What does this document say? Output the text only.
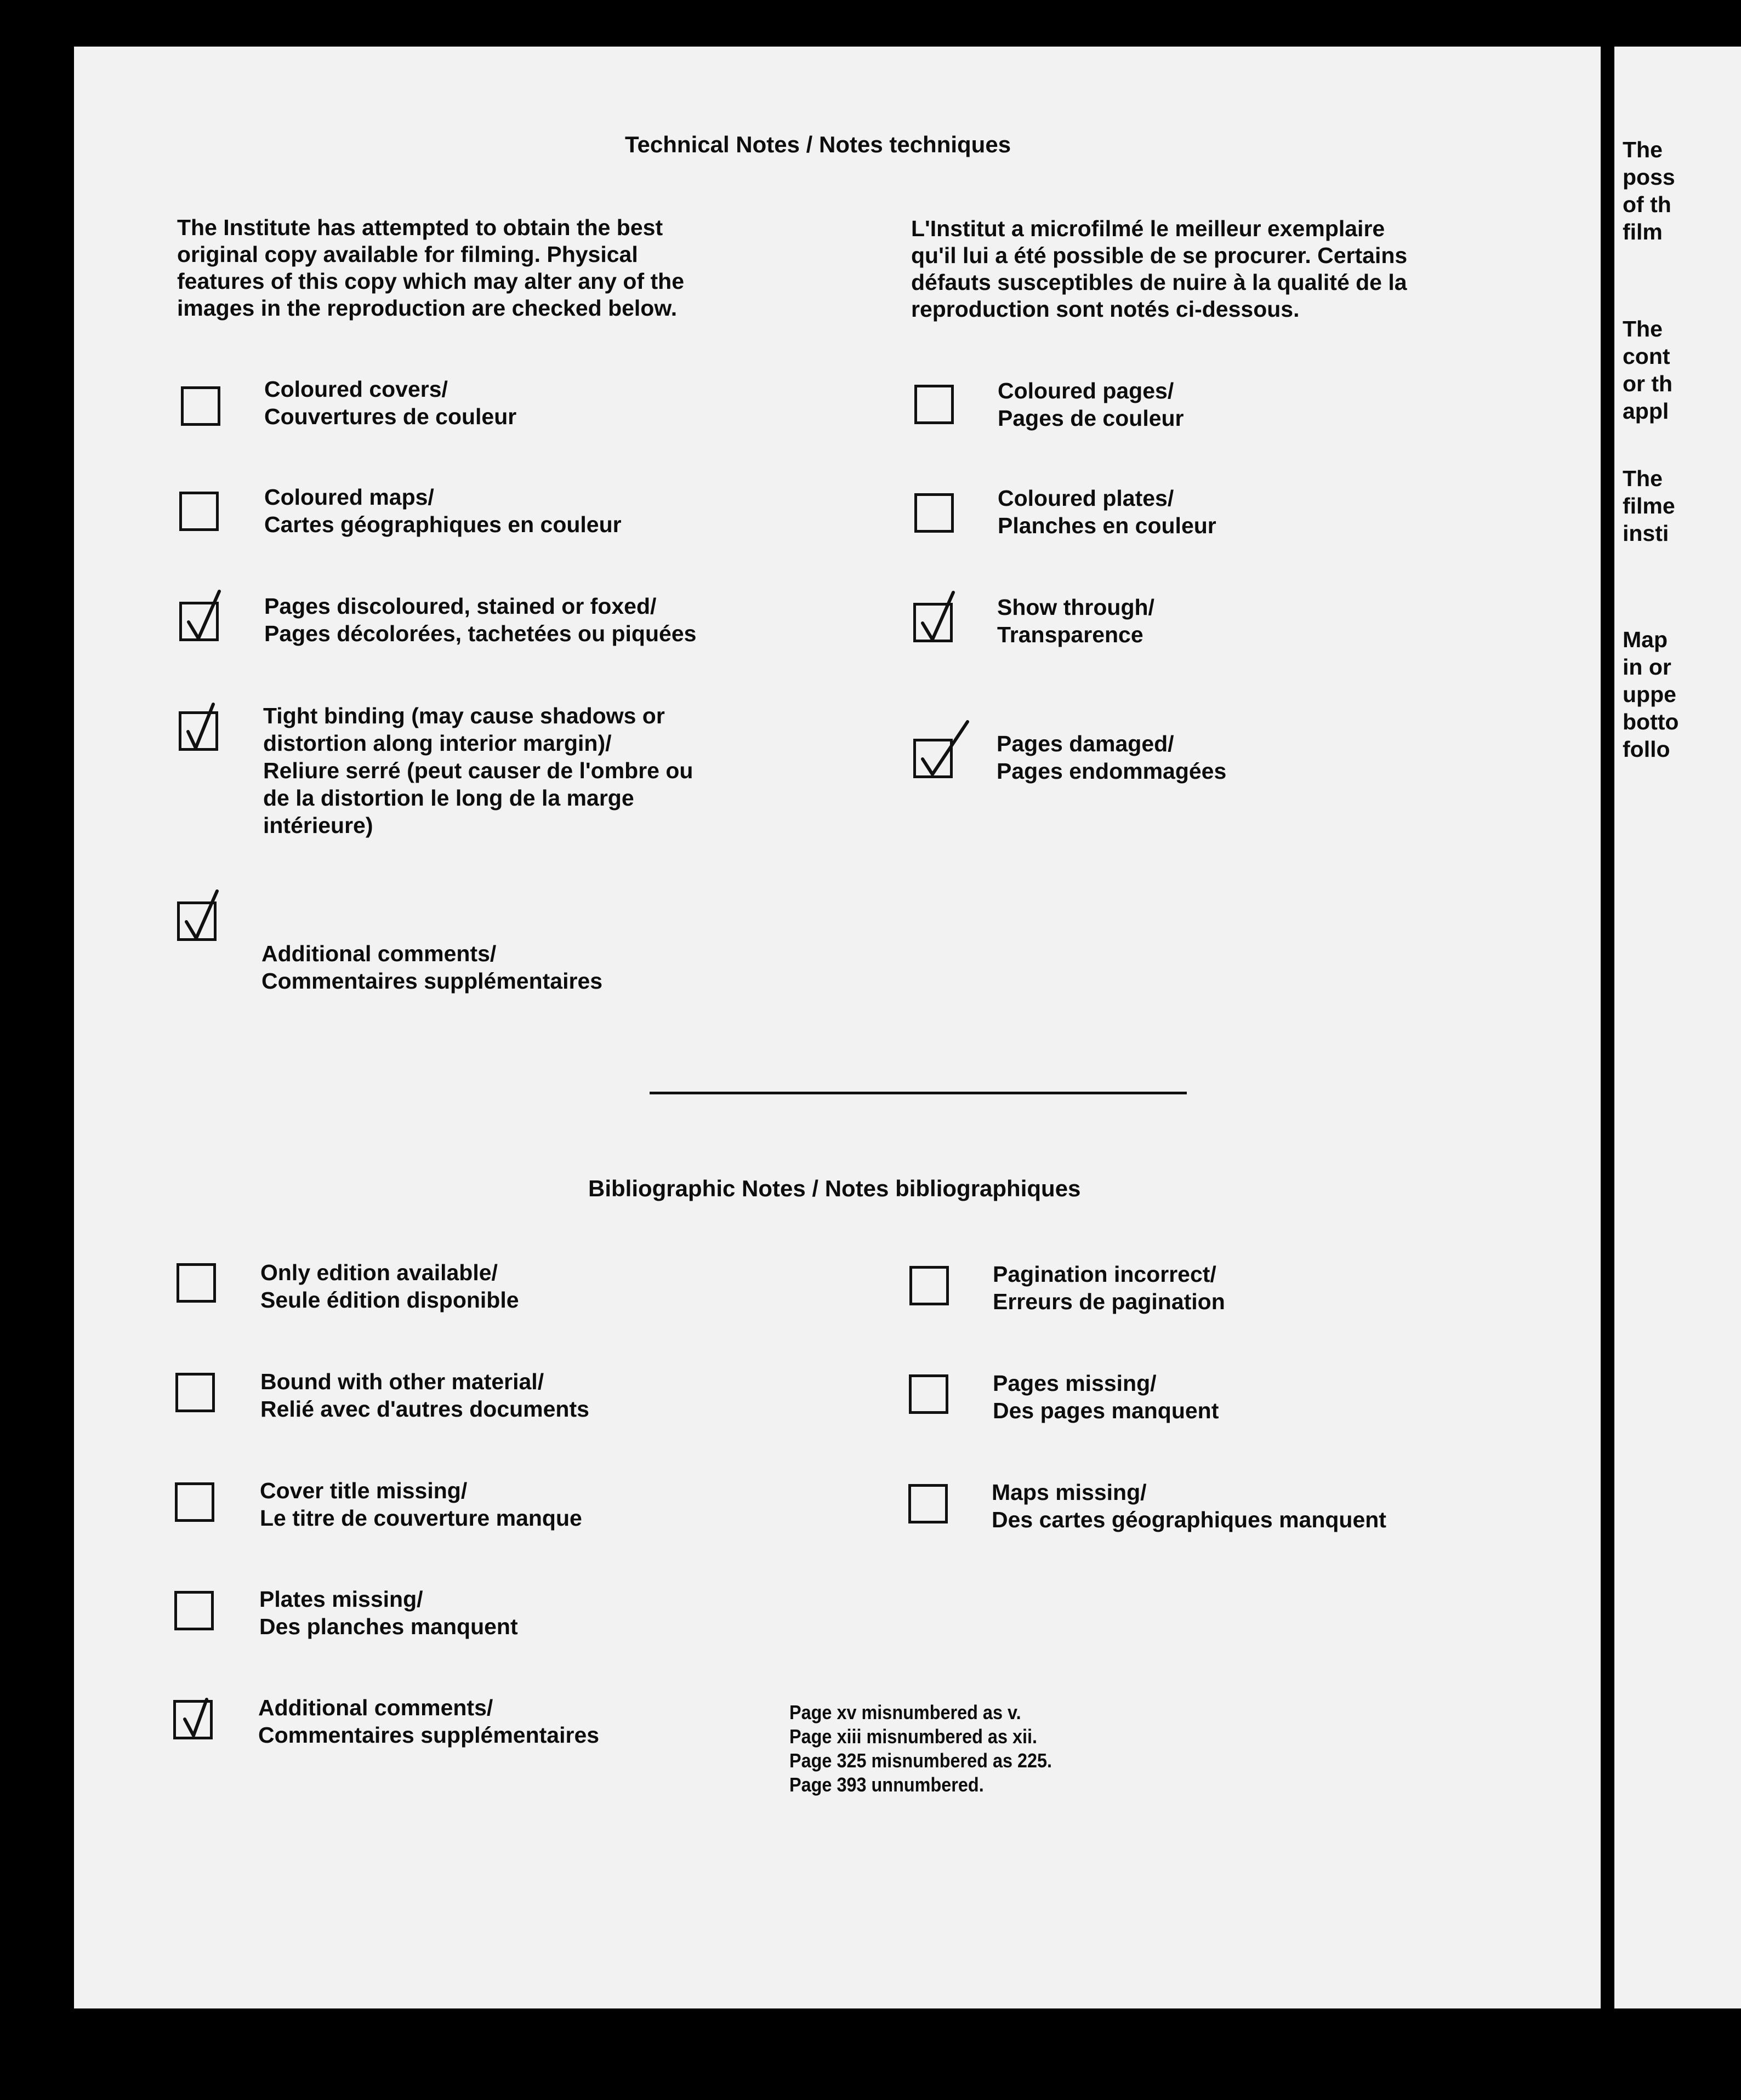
Technical Notes / Notes techniques
The Institute has attempted to obtain the best
original copy available for filming. Physical
features of this copy which may alter any of the
images in the reproduction are checked below.
L'Institut a microfilmé le meilleur exemplaire
qu'il lui a été possible de se procurer. Certains
défauts susceptibles de nuire à la qualité de la
reproduction sont notés ci-dessous.
Coloured covers/
Couvertures de couleur
Coloured maps/
Cartes géographiques en couleur
Pages discoloured, stained or foxed/
Pages décolorées, tachetées ou piquées
Tight binding (may cause shadows or
distortion along interior margin)/
Reliure serré (peut causer de l'ombre ou
de la distortion le long de la marge
intérieure)
Additional comments/
Commentaires supplémentaires
Coloured pages/
Pages de couleur
Coloured plates/
Planches en couleur
Show through/
Transparence
Pages damaged/
Pages endommagées
Bibliographic Notes / Notes bibliographiques
Only edition available/
Seule édition disponible
Bound with other material/
Relié avec d'autres documents
Cover title missing/
Le titre de couverture manque
Plates missing/
Des planches manquent
Additional comments/
Commentaires supplémentaires
Page xv misnumbered as v.
Page xiii misnumbered as xii.
Page 325 misnumbered as 225.
Page 393 unnumbered.
Pagination incorrect/
Erreurs de pagination
Pages missing/
Des pages manquent
Maps missing/
Des cartes géographiques manquent
The
poss
of th
film
The
cont
or th
appl
The
filme
insti
Map
in or
uppe
botto
follo
